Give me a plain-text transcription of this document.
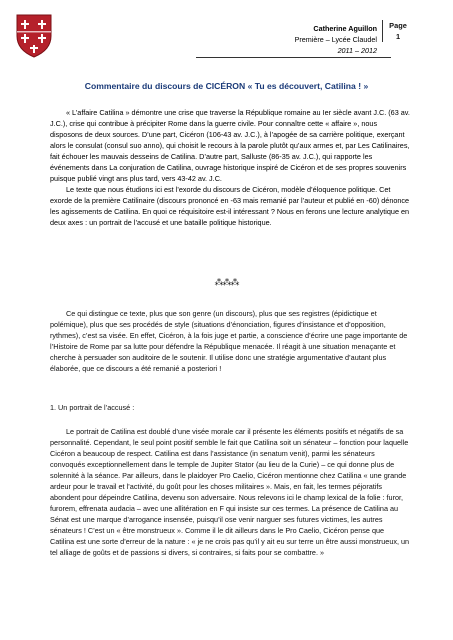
Catherine Aguillon
Première – Lycée Claudel
2011 – 2012
Page
1
Commentaire du discours de CICÉRON « Tu es découvert, Catilina ! »

« L’affaire Catilina » démontre une crise que traverse la République romaine au Ier siècle avant J.C. (63 av. J.C.), crise qui contribue à précipiter Rome dans la guerre civile. Pour connaître cette « affaire », nous disposons de deux sources. D’une part, Cicéron (106-43 av. J.C.), à l’apogée de sa carrière politique, exerçant alors le consulat (consul suo anno), qui choisit le recours à la parole plutôt qu’aux armes et, par Les Catilinaires, fait échouer les mauvais desseins de Catilina. D’autre part, Salluste (86-35 av. J.C.), qui rapporte les événements dans La conjuration de Catilina, ouvrage historique inspiré de Cicéron et de ses propres souvenirs puisque publié vingt ans plus tard, vers 43-42 av. J.C.

Le texte que nous étudions ici est l’exorde du discours de Cicéron, modèle d’éloquence politique. Cet exorde de la première Catilinaire (discours prononcé en -63 mais remanié par l’auteur et publié en -60) dénonce les agissements de Catilina. En quoi ce réquisitoire est-il intéressant ? Nous en ferons une lecture analytique en deux axes : un portrait de l’accusé et une bataille politique historique.

⁂⁂⁂

Ce qui distingue ce texte, plus que son genre (un discours), plus que ses registres (épidictique et polémique), plus que ses procédés de style (situations d’énonciation, figures d’insistance et d’opposition, rythmes), c’est sa visée. En effet, Cicéron, à la fois juge et partie, a conscience d’écrire une page importante de l’Histoire de Rome par sa lutte pour défendre la République menacée. Il réagit à une situation menaçante et cherche à persuader son auditoire de le soutenir. Il utilise donc une stratégie argumentative d’autant plus élaborée, que ce discours a été remanié a posteriori !

1. Un portrait de l’accusé :

Le portrait de Catilina est doublé d’une visée morale car il présente les éléments positifs et négatifs de sa personnalité. Cependant, le seul point positif semble le fait que Catilina soit un sénateur – fonction pour laquelle Cicéron a beaucoup de respect. Catilina est dans l’assistance (in senatum venit), parmi les sénateurs convoqués exceptionnellement dans le temple de Jupiter Stator (au lieu de la Curie) – ce qui donne plus de solennité à la séance. Par ailleurs, dans le plaidoyer Pro Caelio, Cicéron mentionne chez Catilina « une grande ardeur pour le travail et l’activité, du goût pour les choses militaires ». Mais, en fait, les termes péjoratifs abondent pour dépeindre Catilina, devenu son adversaire. Nous relevons ici le champ lexical de la folie : furor, furorem, effrenata audacia – avec une allitération en F qui insiste sur ces termes. La présence de Catilina au Sénat est une marque d’arrogance insensée, puisqu’il ose venir narguer ses futures victimes, les autres sénateurs ! C’est un « être monstrueux ». Comme il le dit ailleurs dans le Pro Caelio, Cicéron pense que Catilina est une sorte d’erreur de la nature : « je ne crois pas qu’il y ait eu sur terre un être aussi monstrueux, un tel alliage de goûts et de passions si divers, si contraires, si faits pour se combattre. »
